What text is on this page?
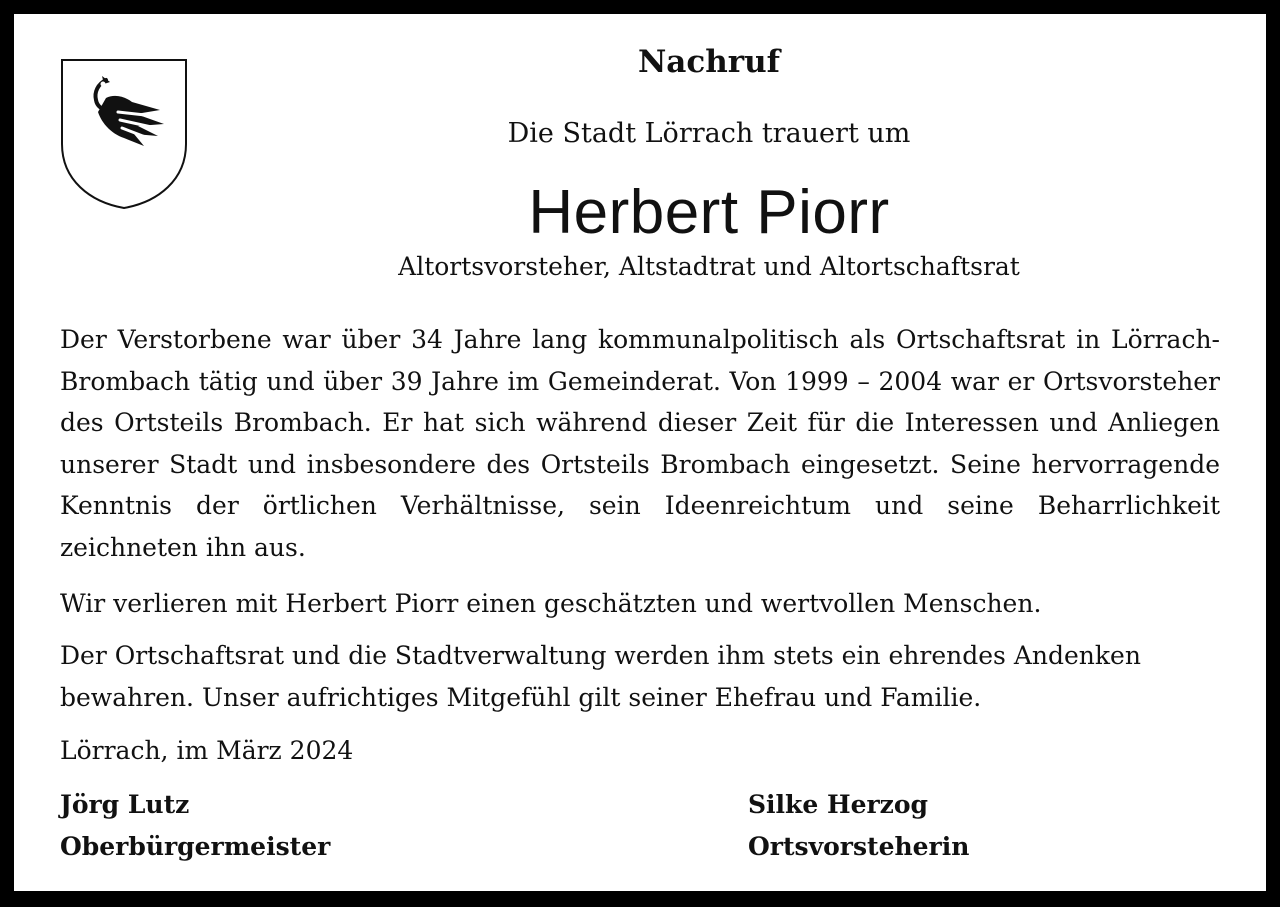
Nachruf

Die Stadt Lörrach trauert um

Herbert Piorr

Altortsvorsteher, Altstadtrat und Altortschaftsrat

Der Verstorbene war über 34 Jahre lang kommunalpolitisch als Ortschaftsrat in Lörrach-Brombach tätig und über 39 Jahre im Gemeinderat. Von 1999 – 2004 war er Ortsvorsteher des Ortsteils Brombach. Er hat sich während dieser Zeit für die Interessen und Anliegen unserer Stadt und insbesondere des Ortsteils Brombach eingesetzt. Seine hervorragende Kenntnis der örtlichen Verhältnisse, sein Ideenreichtum und seine Beharrlichkeit zeichneten ihn aus.

Wir verlieren mit Herbert Piorr einen geschätzten und wertvollen Menschen.

Der Ortschaftsrat und die Stadtverwaltung werden ihm stets ein ehrendes Andenken bewahren. Unser aufrichtiges Mitgefühl gilt seiner Ehefrau und Familie.

Lörrach, im März 2024

Jörg Lutz
Oberbürgermeister
Silke Herzog
Ortsvorsteherin
